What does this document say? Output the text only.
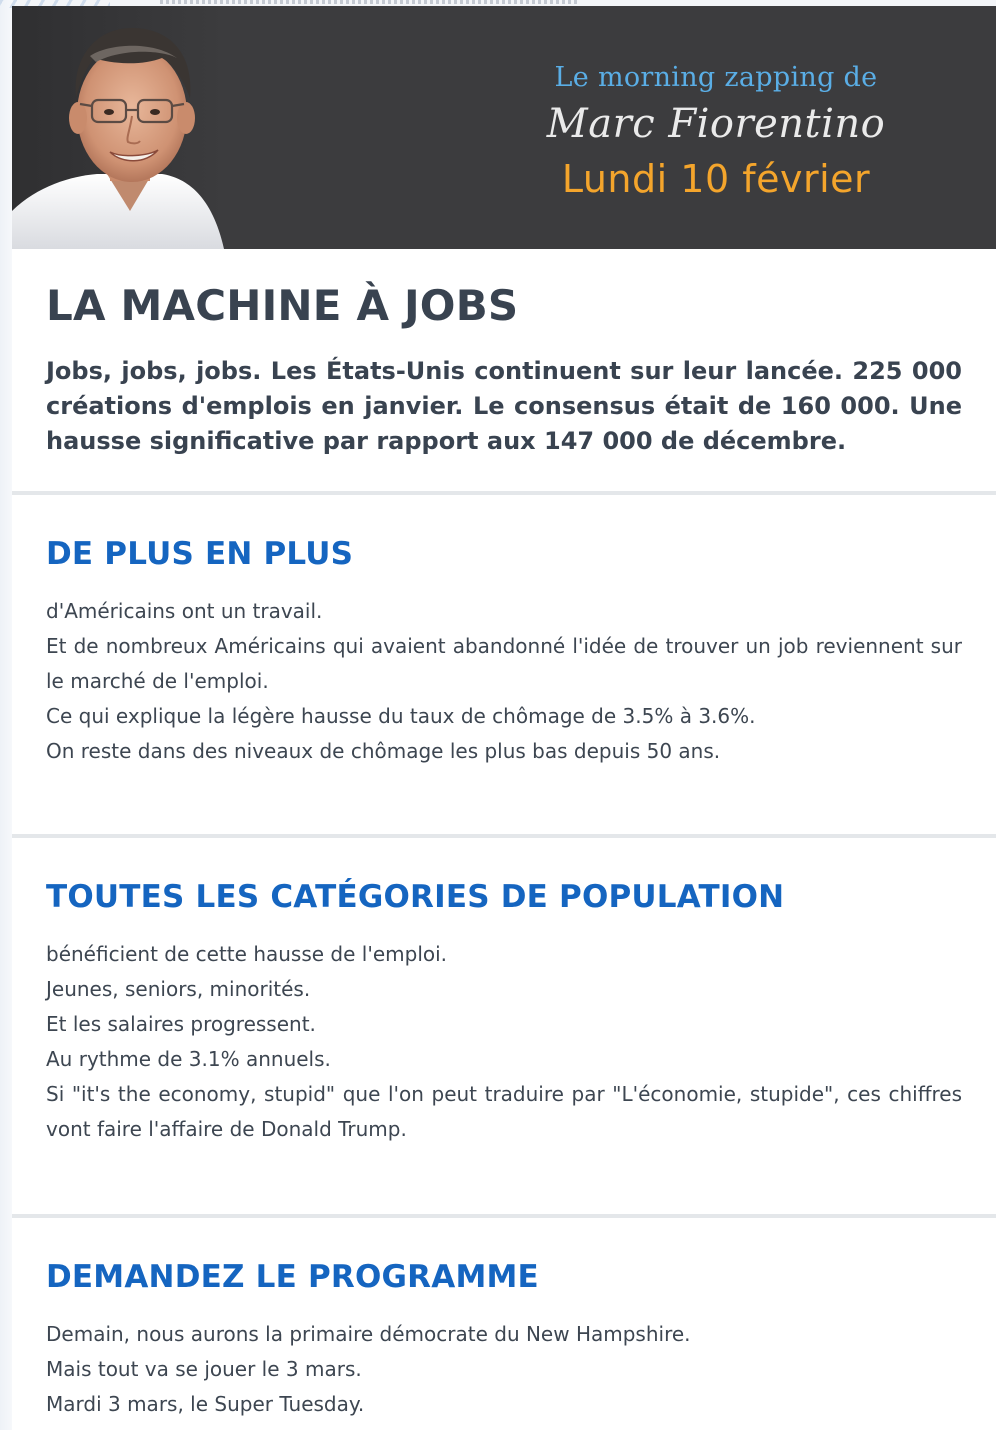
Le morning zapping de
Marc Fiorentino
Lundi 10 février
LA MACHINE À JOBS

Jobs, jobs, jobs. Les États-Unis continuent sur leur lancée. 225 000 créations d'emplois en janvier. Le consensus était de 160 000. Une hausse significative par rapport aux 147 000 de décembre.

DE PLUS EN PLUS

d'Américains ont un travail.

Et de nombreux Américains qui avaient abandonné l'idée de trouver un job reviennent sur le marché de l'emploi.

Ce qui explique la légère hausse du taux de chômage de 3.5% à 3.6%.

On reste dans des niveaux de chômage les plus bas depuis 50 ans.

TOUTES LES CATÉGORIES DE POPULATION

bénéficient de cette hausse de l'emploi.

Jeunes, seniors, minorités.

Et les salaires progressent.

Au rythme de 3.1% annuels.

Si "it's the economy, stupid" que l'on peut traduire par "L'économie, stupide", ces chiffres vont faire l'affaire de Donald Trump.

DEMANDEZ LE PROGRAMME

Demain, nous aurons la primaire démocrate du New Hampshire.

Mais tout va se jouer le 3 mars.

Mardi 3 mars, le Super Tuesday.
